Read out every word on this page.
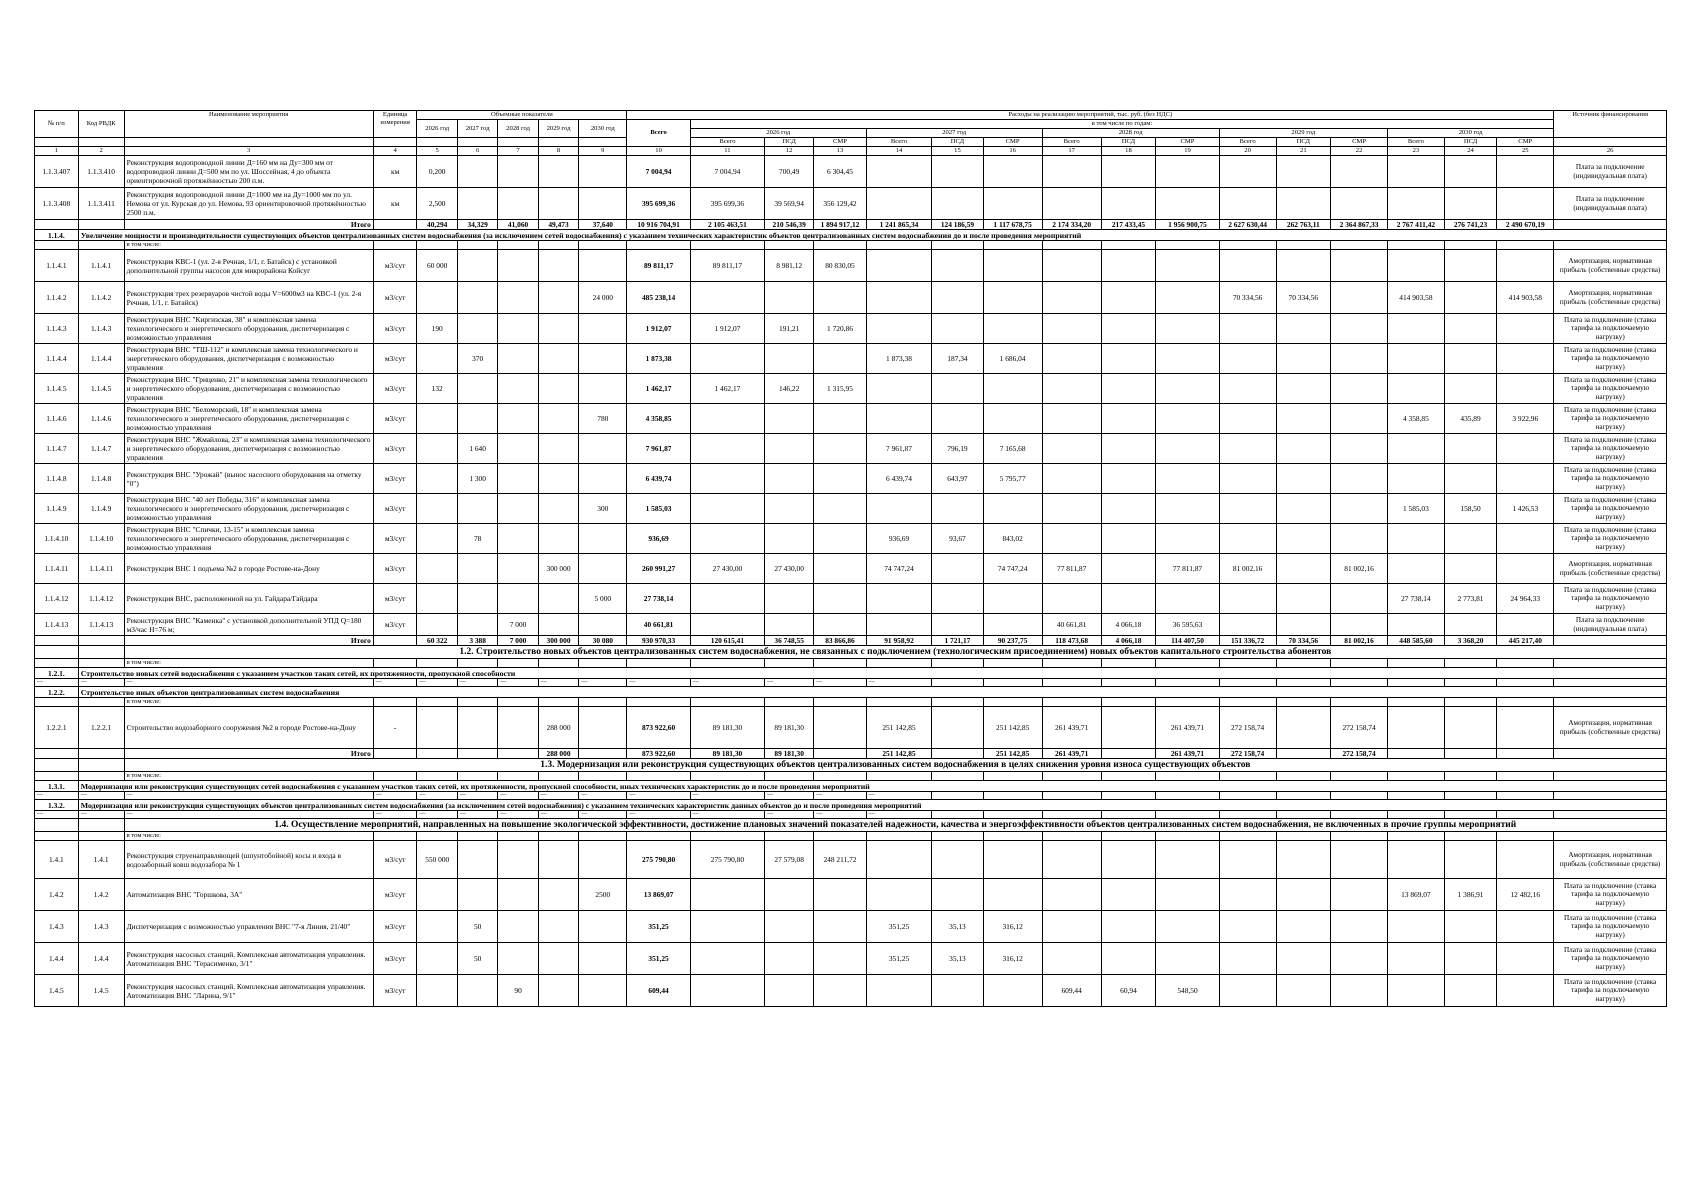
№ п/п	Код РВДК	Наименование мероприятия	Единица измерения	Объемные показатели					Расходы на реализацию мероприятий, тыс. руб. (без НДС)																Источник финансирования
				2026 год	2027 год	2028 год	2029 год	2030 год	Всего	в том числе по годам:															
										2026 год			2027 год			2028 год			2029 год			2030 год			
										Всего	ПСД	СМР	Всего	ПСД	СМР	Всего	ПСД	СМР	Всего	ПСД	СМР	Всего	ПСД	СМР	
1	2	3	4	5	6	7	8	9	10	11	12	13	14	15	16	17	18	19	20	21	22	23	24	25	26
1.1.3.407	1.1.3.410	Реконструкция водопроводной линии Д=160 мм на Ду=300 мм от водопроводной линии Д=500 мм по ул. Шоссейная, 4 до объекта ориентировочной протяжённостью 200 п.м.	км	0,200					7 004,94	7 004,94	700,49	6 304,45													Плата за подключение (индивидуальная плата)
1.1.3.408	1.1.3.411	Реконструкция водопроводной линии Д=1000 мм на Ду=1000 мм по ул. Немова от ул. Курская до ул. Немова, 93 ориентировочной протяжённостью 2500 п.м.	км	2,500					395 699,36	395 699,36	39 569,94	356 129,42													Плата за подключение (индивидуальная плата)
		Итого		40,294	34,329	41,060	49,473	37,640	10 916 704,91	2 105 463,51	210 546,39	1 894 917,12	1 241 865,34	124 186,59	1 117 678,75	2 174 334,20	217 433,45	1 956 900,75	2 627 630,44	262 763,11	2 364 867,33	2 767 411,42	276 741,23	2 490 670,19	
1.1.4.	Увеличение мощности и производительности существующих объектов централизованных систем водоснабжения (за исключением сетей водоснабжения) с указанием технических характеристик объектов централизованных систем водоснабжения до и после проведения мероприятий																								
		в том числе:																							
1.1.4.1	1.1.4.1	Реконструкция КВС-1 (ул. 2-я Речная, 1/1, г. Батайск) с установкой дополнительной группы насосов для микрорайона Койсуг	м3/сут	60 000					89 811,17	89 811,17	8 981,12	80 830,05													Амортизация, нормативная прибыль (собственные средства)
1.1.4.2	1.1.4.2	Реконструкция трех резервуаров чистой воды V=6000м3 на КВС-1 (ул. 2-я Речная, 1/1, г. Батайск)	м3/сут					24 000	485 238,14										70 334,56	70 334,56		414 903,58		414 903,58	Амортизация, нормативная прибыль (собственные средства)
1.1.4.3	1.1.4.3	Реконструкция ВНС "Киргизская, 38" и комплексная замена технологического и энергетического оборудования, диспетчеризация с возможностью управления	м3/сут	190					1 912,07	1 912,07	191,21	1 720,86													Плата за подключение (ставка тарифа за подключаемую нагрузку)
1.1.4.4	1.1.4.4	Реконструкция ВНС "ТШ-112" и комплексная замена технологического и энергетического оборудования, диспетчеризация с возможностью управления	м3/сут		370				1 873,38				1 873,38	187,34	1 686,04										Плата за подключение (ставка тарифа за подключаемую нагрузку)
1.1.4.5	1.1.4.5	Реконструкция ВНС "Гриценко, 21" и комплексная замена технологического и энергетического оборудования, диспетчеризация с возможностью управления	м3/сут	132					1 462,17	1 462,17	146,22	1 315,95													Плата за подключение (ставка тарифа за подключаемую нагрузку)
1.1.4.6	1.1.4.6	Реконструкция ВНС "Беломорский, 18" и комплексная замена технологического и энергетического оборудования, диспетчеризация с возможностью управления	м3/сут					780	4 358,85													4 358,85	435,89	3 922,96	Плата за подключение (ставка тарифа за подключаемую нагрузку)
1.1.4.7	1.1.4.7	Реконструкция ВНС "Жмайлова, 23" и комплексная замена технологического и энергетического оборудования, диспетчеризация с возможностью управления	м3/сут		1 640				7 961,87				7 961,87	796,19	7 165,68										Плата за подключение (ставка тарифа за подключаемую нагрузку)
1.1.4.8	1.1.4.8	Реконструкция ВНС "Урожай" (вынос насосного оборудования на отметку "0")	м3/сут		1 300				6 439,74				6 439,74	643,97	5 795,77										Плата за подключение (ставка тарифа за подключаемую нагрузку)
1.1.4.9	1.1.4.9	Реконструкция ВНС "40 лет Победы, 316" и комплексная замена технологического и энергетического оборудования, диспетчеризация с возможностью управления	м3/сут					300	1 585,03													1 585,03	158,50	1 426,53	Плата за подключение (ставка тарифа за подключаемую нагрузку)
1.1.4.10	1.1.4.10	Реконструкция ВНС "Спички, 13-15" и комплексная замена технологического и энергетического оборудования, диспетчеризация с возможностью управления	м3/сут		78				936,69				936,69	93,67	843,02										Плата за подключение (ставка тарифа за подключаемую нагрузку)
1.1.4.11	1.1.4.11	Реконструкция ВНС 1 подъема №2 в городе Ростове-на-Дону	м3/сут				300 000		260 991,27	27 430,00	27 430,00		74 747,24		74 747,24	77 811,87		77 811,87	81 002,16		81 002,16				Амортизация, нормативная прибыль (собственные средства)
1.1.4.12	1.1.4.12	Реконструкция ВНС, расположенной на ул. Гайдара/Гайдара	м3/сут					5 000	27 738,14													27 738,14	2 773,81	24 964,33	Плата за подключение (ставка тарифа за подключаемую нагрузку)
1.1.4.13	1.1.4.13	Реконструкция ВНС "Каменка" с установкой дополнительной УПД Q=180 м3/час Н=76 м;	м3/сут			7 000			40 661,81							40 661,81	4 066,18	36 595,63							Плата за подключение (индивидуальная плата)
		Итого		60 322	3 388	7 000	300 000	30 080	930 970,33	120 615,41	36 748,55	83 866,86	91 958,92	1 721,17	90 237,75	118 473,68	4 066,18	114 407,50	151 336,72	70 334,56	81 002,16	448 585,60	3 368,20	445 217,40	
		1.2. Строительство новых объектов централизованных систем водоснабжения, не связанных с подключением (технологическим присоединением) новых объектов капитального строительства абонентов																							
		в том числе:																							
1.2.1.	Строительство новых сетей водоснабжения с указанием участков таких сетей, их протяженности, пропускной способности																								
—	—	—	—	—	—	—	—	—	—	—	—	—	—												
1.2.2.	Строительство иных объектов централизованных систем водоснабжения																								
		в том числе:																							
1.2.2.1	1.2.2.1	Строительство водозаборного сооружения №2 в городе Ростове-на-Дону	-				288 000		873 922,60	89 181,30	89 181,30		251 142,85		251 142,85	261 439,71		261 439,71	272 158,74		272 158,74				Амортизация, нормативная прибыль (собственные средства)
		Итого					288 000		873 922,60	89 181,30	89 181,30		251 142,85		251 142,85	261 439,71		261 439,71	272 158,74		272 158,74				
		1.3. Модернизация или реконструкция существующих объектов централизованных систем водоснабжения в целях снижения уровня износа существующих объектов																							
		в том числе:																							
1.3.1.	Модернизация или реконструкция существующих сетей водоснабжения с указанием участков таких сетей, их протяженности, пропускной способности, иных технических характеристик до и после проведения мероприятий																								
—	—	—	—	—	—	—	—	—	—	—	—	—	—												
1.3.2.	Модернизация или реконструкция существующих объектов централизованных систем водоснабжения (за исключением сетей водоснабжения) с указанием технических характеристик данных объектов до и после проведения мероприятий																								
—	—	—	—	—	—	—	—	—	—	—	—	—	—												
		1.4. Осуществление мероприятий, направленных на повышение экологической эффективности, достижение плановых значений показателей надежности, качества и энергоэффективности объектов централизованных систем водоснабжения, не включенных в прочие группы мероприятий																							
		в том числе:																							
1.4.1	1.4.1	Реконструкция струенаправляющей (шпунтобойной) косы и входа в водозаборный ковш водозабора № 1	м3/сут	550 000					275 790,80	275 790,80	27 579,08	248 211,72													Амортизация, нормативная прибыль (собственные средства)
1.4.2	1.4.2	Автоматизация ВНС "Горшкова, 3А"	м3/сут					2500	13 869,07													13 869,07	1 386,91	12 482,16	Плата за подключение (ставка тарифа за подключаемую нагрузку)
1.4.3	1.4.3	Диспетчеризация с возможностью управления ВНС "7-я Линия, 21/40"	м3/сут		50				351,25				351,25	35,13	316,12										Плата за подключение (ставка тарифа за подключаемую нагрузку)
1.4.4	1.4.4	Реконструкция насосных станций. Комплексная автоматизация управления. Автоматизация ВНС "Герасименко, 3/1"	м3/сут		50				351,25				351,25	35,13	316,12										Плата за подключение (ставка тарифа за подключаемую нагрузку)
1.4.5	1.4.5	Реконструкция насосных станций. Комплексная автоматизация управления. Автоматизация ВНС "Ларина, 9/1"	м3/сут			90			609,44							609,44	60,94	548,50							Плата за подключение (ставка тарифа за подключаемую нагрузку)
